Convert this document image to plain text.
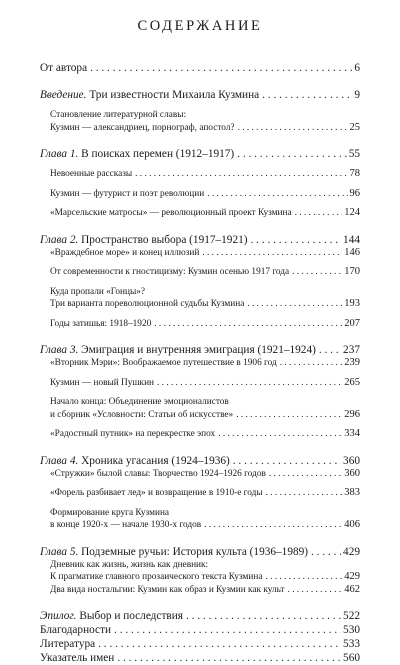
СОДЕРЖАНИЕ
От автора . . .	6
Введение. Три известности Михаила Кузмина . . .	9
Становление литературной славы:
Кузмин — александриец, порнограф, апостол? . . .	25
Глава 1. В поисках перемен (1912–1917) . . .	55
Невоенные рассказы . . .	78
Кузмин — футурист и поэт революции . . .	96
«Марсельские матросы» — революционный проект Кузмина . . .	124
Глава 2. Пространство выбора (1917–1921) . . .	144
«Враждебное море» и конец иллюзий . . .	146
От современности к гностицизму: Кузмин осенью 1917 года . . .	170
Куда пропали «Гонцы»?
Три варианта пореволюционной судьбы Кузмина . . .	193
Годы затишья: 1918–1920 . . .	207
Глава 3. Эмиграция и внутренняя эмиграция (1921–1924) . . . 237
«Вторник Мэри»: Воображаемое путешествие в 1906 год . . .	239
Кузмин — новый Пушкин . . .	265
Начало конца: Объединение эмоционалистов
и сборник «Условности: Статьи об искусстве» . . .	296
«Радостный путник» на перекрестке эпох . . .	334
Глава 4. Хроника угасания (1924–1936) . . .	360
«Стружки» былой славы: Творчество 1924–1926 годов . . .	360
«Форель разбивает лед» и возвращение в 1910-е годы . . .	383
Формирование круга Кузмина
в конце 1920-х — начале 1930-х годов . . .	406
Глава 5. Подземные ручьи: История культа (1936–1989) . . .	429
Дневник как жизнь, жизнь как дневник:
К прагматике главного прозаического текста Кузмина . . .	429
Два вида ностальгии: Кузмин как образ и Кузмин как культ . . .	462
Эпилог. Выбор и последствия . . .	522
Благодарности . . .	530
Литература . . .	533
Указатель имен . . .	560
